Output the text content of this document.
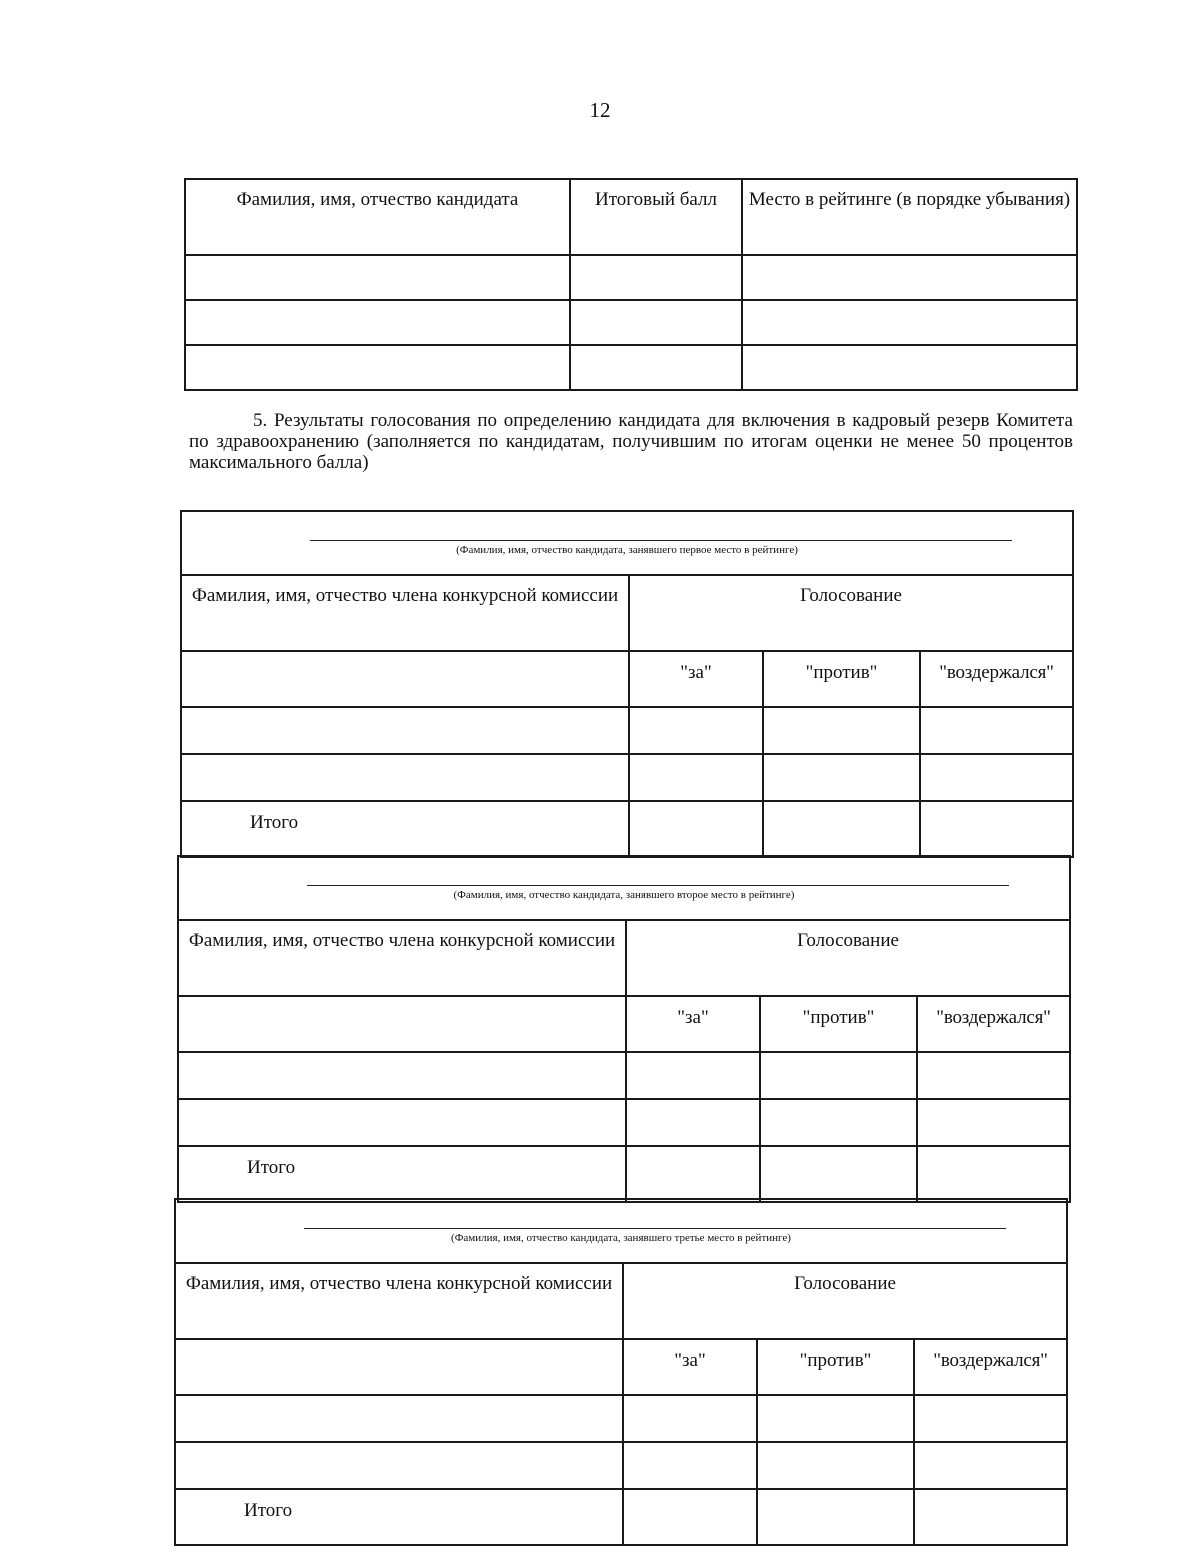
12
Фамилия, имя, отчество кандидата	Итоговый балл	Место в рейтинге (в порядке убывания)

5. Результаты голосования по определению кандидата для включения в кадровый резерв Комитета по здравоохранению (заполняется по кандидатам, получившим по итогам оценки не менее 50 процентов максимального балла)
(Фамилия, имя, отчество кандидата, занявшего первое место в рейтинге)			

Фамилия, имя, отчество члена конкурсной комиссии	Голосование		
	"за"	"против"	"воздержался"

Итого			
(Фамилия, имя, отчество кандидата, занявшего второе место в рейтинге)			

Фамилия, имя, отчество члена конкурсной комиссии	Голосование		
	"за"	"против"	"воздержался"

Итого			
(Фамилия, имя, отчество кандидата, занявшего третье место в рейтинге)			

Фамилия, имя, отчество члена конкурсной комиссии	Голосование		
	"за"	"против"	"воздержался"

Итого			
